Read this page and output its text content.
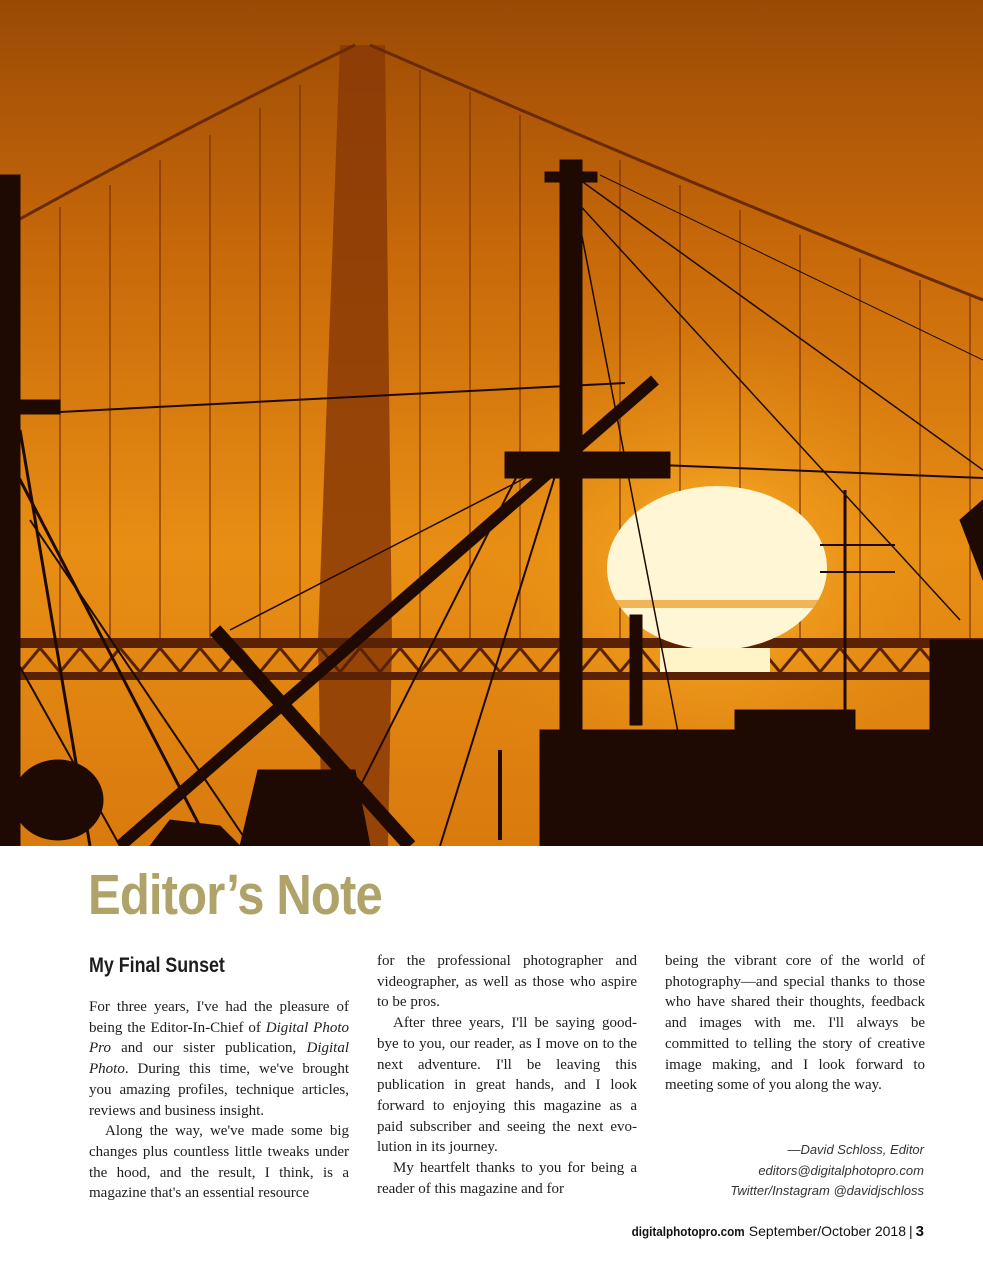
Editor’s Note
My Final Sunset

For three years, I've had the pleasure of being the Editor-In-Chief of Digital Photo Pro and our sister publication, Digital Photo. During this time, we've brought you amazing profiles, technique articles, reviews and business insight.

Along the way, we've made some big changes plus countless little tweaks under the hood, and the result, I think, is a magazine that's an essential resource

for the professional photographer and videographer, as well as those who aspire to be pros.

After three years, I'll be saying good-bye to you, our reader, as I move on to the next adventure. I'll be leaving this publication in great hands, and I look forward to enjoying this magazine as a paid subscriber and seeing the next evo-lution in its journey.

My heartfelt thanks to you for being a reader of this magazine and for

being the vibrant core of the world of photography—and special thanks to those who have shared their thoughts, feedback and images with me. I'll always be committed to telling the story of creative image making, and I look forward to meeting some of you along the way.

—David Schloss, Editor
editors@digitalphotopro.com
Twitter/Instagram @davidjschloss
digitalphotopro.com September/October 2018 | 3
